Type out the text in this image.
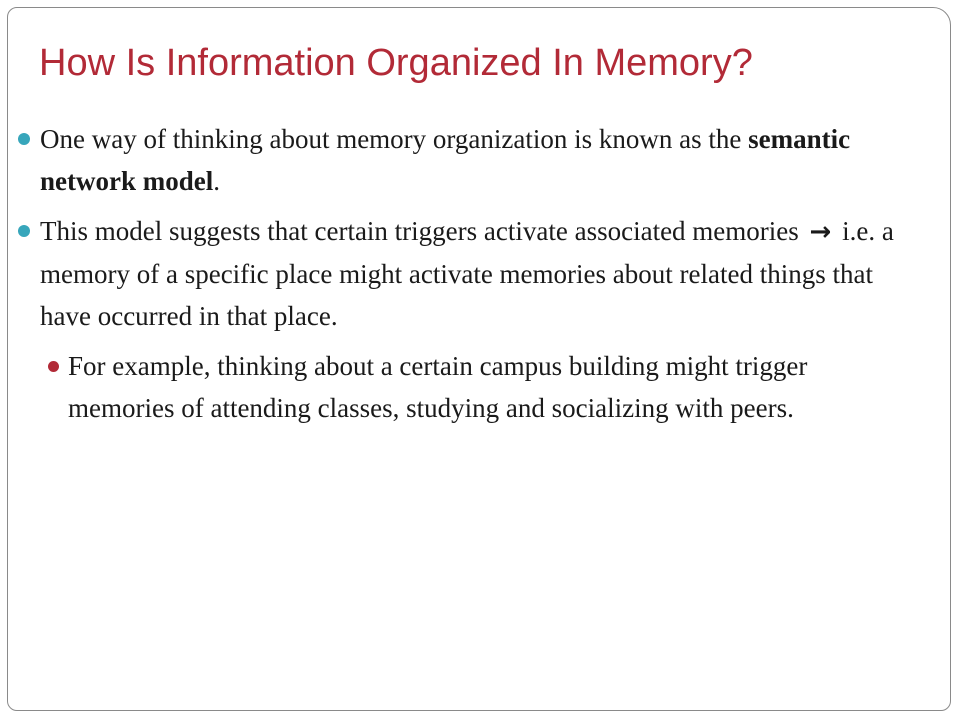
How Is Information Organized In Memory?

One way of thinking about memory organization is known as the semantic network model.

This model suggests that certain triggers activate associated memories → i.e. a memory of a specific place might activate memories about related things that have occurred in that place.

For example, thinking about a certain campus building might trigger memories of attending classes, studying and socializing with peers.
